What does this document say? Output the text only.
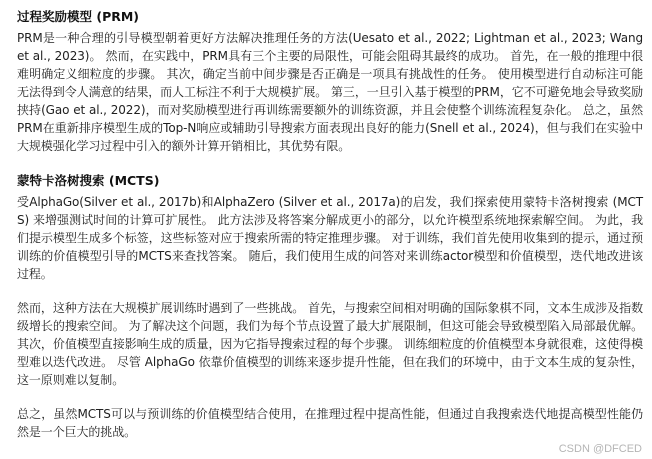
过程奖励模型 (PRM)

PRM是一种合理的引导模型朝着更好方法解决推理任务的方法(Uesato et al., 2022; Lightman et al., 2023; Wang et al., 2023)。 然而，在实践中，PRM具有三个主要的局限性，可能会阻碍其最终的成功。 首先，在一般的推理中很难明确定义细粒度的步骤。 其次，确定当前中间步骤是否正确是一项具有挑战性的任务。 使用模型进行自动标注可能无法得到令人满意的结果，而人工标注不利于大规模扩展。 第三，一旦引入基于模型的PRM，它不可避免地会导致奖励挟持(Gao et al., 2022)，而对奖励模型进行再训练需要额外的训练资源，并且会使整个训练流程复杂化。 总之，虽然PRM在重新排序模型生成的Top-N响应或辅助引导搜索方面表现出良好的能力(Snell et al., 2024)，但与我们在实验中大规模强化学习过程中引入的额外计算开销相比，其优势有限。

蒙特卡洛树搜索 (MCTS)

受AlphaGo(Silver et al., 2017b)和AlphaZero (Silver et al., 2017a)的启发，我们探索使用蒙特卡洛树搜索 (MCTS) 来增强测试时间的计算可扩展性。 此方法涉及将答案分解成更小的部分，以允许模型系统地探索解空间。 为此，我们提示模型生成多个标签，这些标签对应于搜索所需的特定推理步骤。 对于训练，我们首先使用收集到的提示，通过预训练的价值模型引导的MCTS来查找答案。 随后，我们使用生成的问答对来训练actor模型和价值模型，迭代地改进该过程。

然而，这种方法在大规模扩展训练时遇到了一些挑战。 首先，与搜索空间相对明确的国际象棋不同，文本生成涉及指数级增长的搜索空间。 为了解决这个问题，我们为每个节点设置了最大扩展限制，但这可能会导致模型陷入局部最优解。 其次，价值模型直接影响生成的质量，因为它指导搜索过程的每个步骤。 训练细粒度的价值模型本身就很难，这使得模型难以迭代改进。 尽管 AlphaGo 依靠价值模型的训练来逐步提升性能，但在我们的环境中，由于文本生成的复杂性，这一原则难以复制。

总之，虽然MCTS可以与预训练的价值模型结合使用，在推理过程中提高性能，但通过自我搜索迭代地提高模型性能仍然是一个巨大的挑战。

CSDN @DFCED
